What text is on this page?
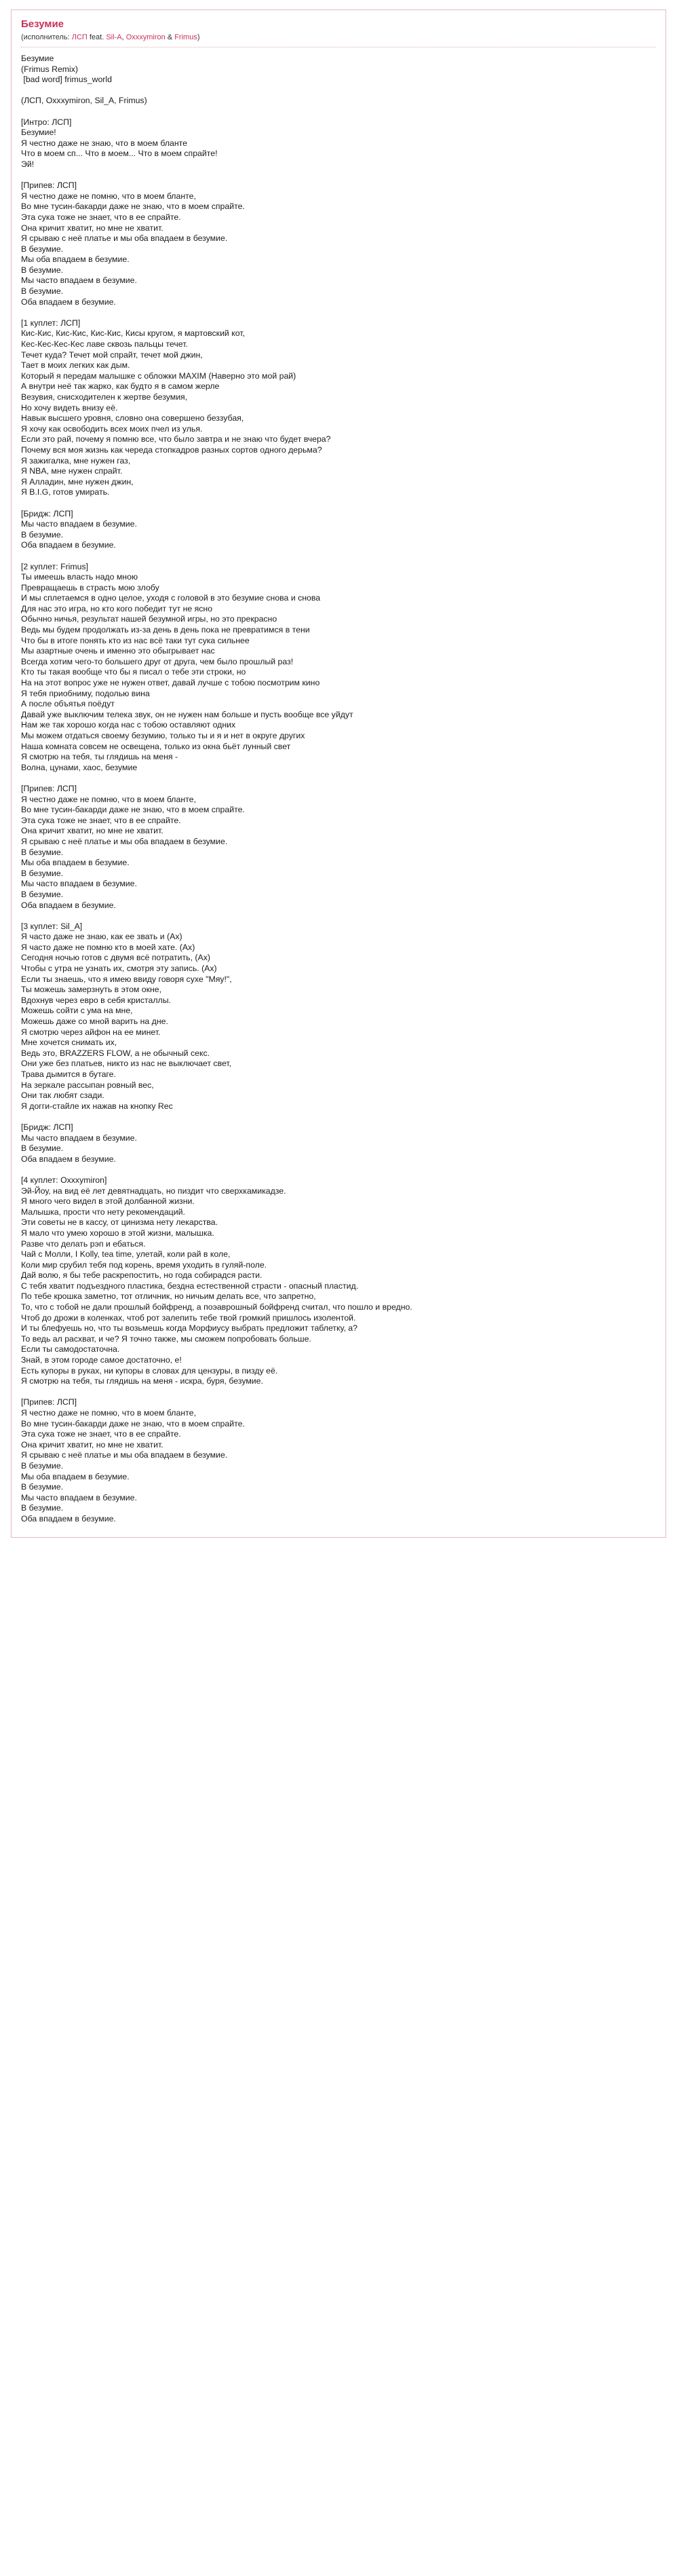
Безумие
(исполнитель: ЛСП feat. Sil-A, Oxxxymiron & Frimus)
Безумие
(Frimus Remix)
[bad word] frimus_world

(ЛСП, Oxxxymiron, Sil_A, Frimus)

[Интро: ЛСП]
Безумие!
Я честно даже не знаю, что в моем бланте
Что в моем сп... Что в моем... Что в моем спрайте!
Эй!

[Припев: ЛСП]
Я честно даже не помню, что в моем бланте,
Во мне тусин-бакарди даже не знаю, что в моем спрайте.
Эта сука тоже не знает, что в ее спрайте.
Она кричит хватит, но мне не хватит.
Я срываю с неё платье и мы оба впадаем в безумие.
В безумие.
Мы оба впадаем в безумие.
В безумие.
Мы часто впадаем в безумие.
В безумие.
Оба впадаем в безумие.

[1 куплет: ЛСП]
Кис-Кис, Кис-Кис, Кис-Кис, Кисы кругом, я мартовский кот,
Кес-Кес-Кес-Кес лаве сквозь пальцы течет.
Течет куда? Течет мой спрайт, течет мой джин,
Тает в моих легких как дым.
Который я передам малышке с обложки MAXIM (Наверно это мой рай)
А внутри неё так жарко, как будто я в самом жерле
Везувия, снисходителен к жертве безумия,
Но хочу видеть внизу её.
Навык высшего уровня, словно она совершено беззубая,
Я хочу как освободить всех моих пчел из улья.
Если это рай, почему я помню все, что было завтра и не знаю что будет вчера?
Почему вся моя жизнь как череда стопкадров разных сортов одного дерьма?
Я зажигалка, мне нужен газ,
Я NBA, мне нужен спрайт.
Я Алладин, мне нужен джин,
Я B.I.G, готов умирать.

[Бридж: ЛСП]
Мы часто впадаем в безумие.
В безумие.
Оба впадаем в безумие.

[2 куплет: Frimus]
Ты имеешь власть надо мною
Превращаешь в страсть мою злобу
И мы сплетаемся в одно целое, уходя с головой в это безумие снова и снова
Для нас это игра, но кто кого победит тут не ясно
Обычно ничья, результат нашей безумной игры, но это прекрасно
Ведь мы будем продолжать из-за день в день пока не превратимся в тени
Что бы в итоге понять кто из нас всё таки тут сука сильнее
Мы азартные очень и именно это обыгрывает нас
Всегда хотим чего-то большего друг от друга, чем было прошлый раз!
Кто ты такая вообще что бы я писал о тебе эти строки, но
На на этот вопрос уже не нужен ответ, давай лучше с тобою посмотрим кино
Я тебя приобниму, подолью вина
А после объятья поёдут
Давай уже выключим телека звук, он не нужен нам больше и пусть вообще все уйдут
Нам же так хорошо когда нас с тобою оставляют одних
Мы можем отдаться своему безумию, только ты и я и нет в округе других
Наша комната совсем не освещена, только из окна бьёт лунный свет
Я смотрю на тебя, ты глядишь на меня -
Волна, цунами, хаос, безумие

[Припев: ЛСП]
Я честно даже не помню, что в моем бланте,
Во мне тусин-бакарди даже не знаю, что в моем спрайте.
Эта сука тоже не знает, что в ее спрайте.
Она кричит хватит, но мне не хватит.
Я срываю с неё платье и мы оба впадаем в безумие.
В безумие.
Мы оба впадаем в безумие.
В безумие.
Мы часто впадаем в безумие.
В безумие.
Оба впадаем в безумие.

[3 куплет: Sil_A]
Я часто даже не знаю, как ее звать и (Ах)
Я часто даже не помню кто в моей хате. (Ах)
Сегодня ночью готов с двумя всё потратить, (Ах)
Чтобы с утра не узнать их, смотря эту запись. (Ах)
Если ты знаешь, что я имею ввиду говоря сухе "Мяу!",
Ты можешь замерзнуть в этом окне,
Вдохнув через евро в себя кристаллы.
Можешь сойти с ума на мне,
Можешь даже со мной варить на дне.
Я смотрю через айфон на ее минет.
Мне хочется снимать их,
Ведь это, BRAZZERS FLOW, а не обычный секс.
Они уже без платьев, никто из нас не выключает свет,
Трава дымится в бутаге.
На зеркале рассыпан ровный вес,
Они так любят сзади.
Я догги-стайле их нажав на кнопку Rec

[Бридж: ЛСП]
Мы часто впадаем в безумие.
В безумие.
Оба впадаем в безумие.

[4 куплет: Oxxxymiron]
Эй-Йоу, на вид её лет девятнадцать, но пиздит что сверхкамикадзе.
Я много чего видел в этой долбанной жизни.
Малышка, прости что нету рекомендаций.
Эти советы не в кассу, от цинизма нету лекарства.
Я мало что умею хорошо в этой жизни, малышка.
Разве что делать рэп и ебаться.
Чай с Молли, I Kolly, tea time, улетай, коли рай в коле,
Коли мир срубил тебя под корень, время уходить в гуляй-поле.
Дай волю, я бы тебе раскрепостить, но года собирадся расти.
С тебя хватит подъездного пластика, бездна естественной страсти - опасный пластид.
По тебе крошка заметно, тот отличник, но ничьим делать все, что запретно,
То, что с тобой не дали прошлый бойфренд, а поэаврошный бойфренд считал, что пошло и вредно.
Чтоб до дрожи в коленках, чтоб рот залепить тебе твой громкий пришлось изолентой.
И ты блефуешь но, что ты возьмешь когда Морфиусу выбрать предложит таблетку, а?
То ведь ал расхват, и че? Я точно также, мы сможем попробовать больше.
Если ты самодостаточна.
Знай, в этом городе самое достаточно, е!
Есть купоры в руках, ни купоры в словах для цензуры, в пизду её.
Я смотрю на тебя, ты глядишь на меня - искра, буря, безумие.

[Припев: ЛСП]
Я честно даже не помню, что в моем бланте,
Во мне тусин-бакарди даже не знаю, что в моем спрайте.
Эта сука тоже не знает, что в ее спрайте.
Она кричит хватит, но мне не хватит.
Я срываю с неё платье и мы оба впадаем в безумие.
В безумие.
Мы оба впадаем в безумие.
В безумие.
Мы часто впадаем в безумие.
В безумие.
Оба впадаем в безумие.
